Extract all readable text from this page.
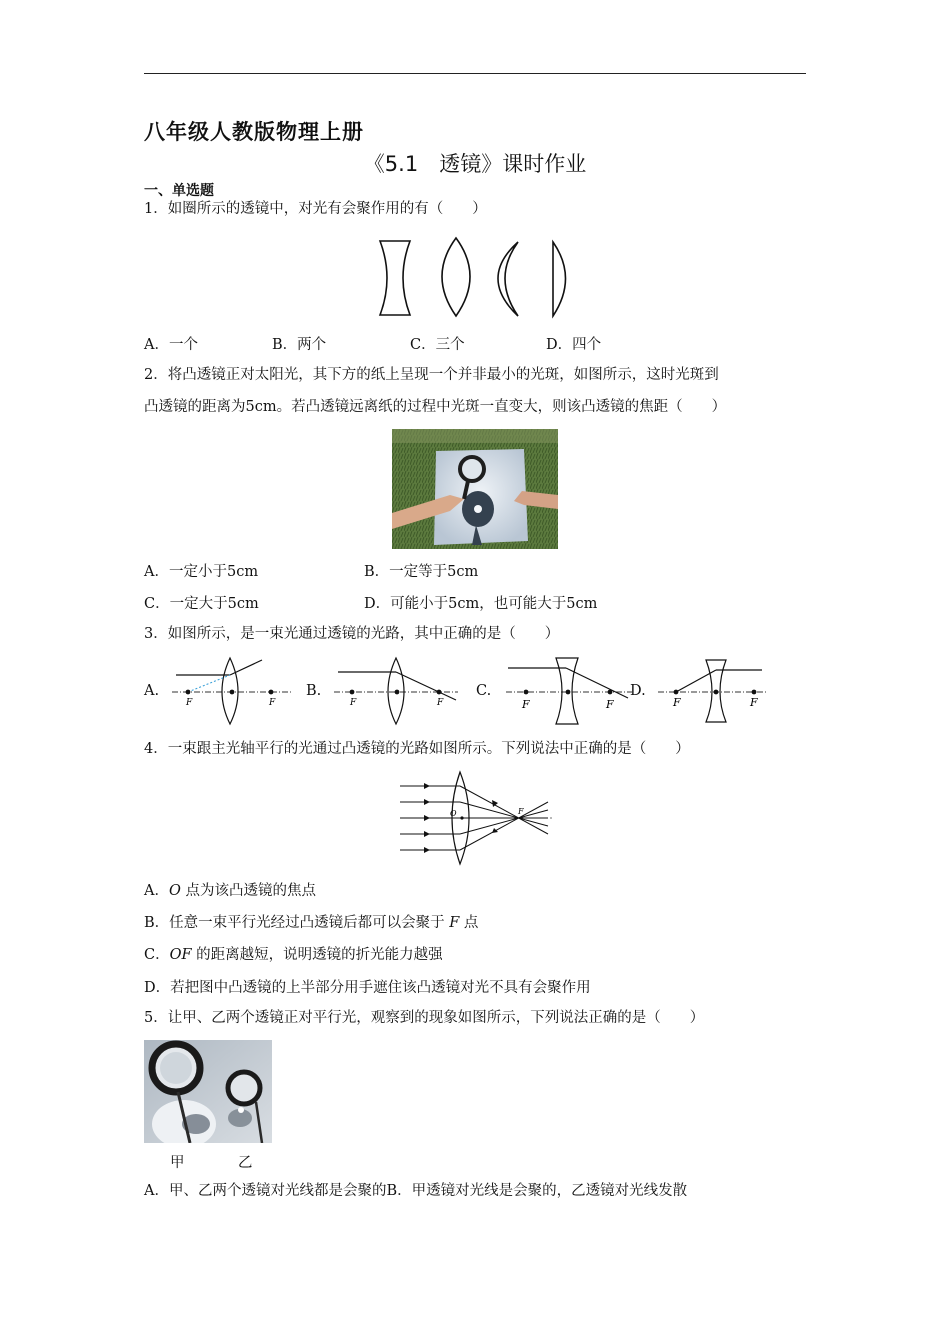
八年级人教版物理上册
《5.1　透镜》课时作业
一、单选题
1．如圈所示的透镜中，对光有会聚作用的有（　　）
A．一个	B．两个	C．三个	D．四个
2．将凸透镜正对太阳光，其下方的纸上呈现一个并非最小的光斑，如图所示，这时光斑到
凸透镜的距离为5cm。若凸透镜远离纸的过程中光斑一直变大，则该凸透镜的焦距（　　）
A．一定小于5cm	B．一定等于5cm
C．一定大于5cm	D．可能小于5cm，也可能大于5cm
3．如图所示，是一束光通过透镜的光路，其中正确的是（　　）
A.
F	F
B.
F	F
C.
F	F
D.
F	F
4．一束跟主光轴平行的光通过凸透镜的光路如图所示。下列说法中正确的是（　　）
O	F
A．O 点为该凸透镜的焦点
B．任意一束平行光经过凸透镜后都可以会聚于 F 点
C．OF 的距离越短，说明透镜的折光能力越强
D．若把图中凸透镜的上半部分用手遮住该凸透镜对光不具有会聚作用
5．让甲、乙两个透镜正对平行光，观察到的现象如图所示，下列说法正确的是（　　）
甲	乙
A．甲、乙两个透镜对光线都是会聚的B．甲透镜对光线是会聚的，乙透镜对光线发散
